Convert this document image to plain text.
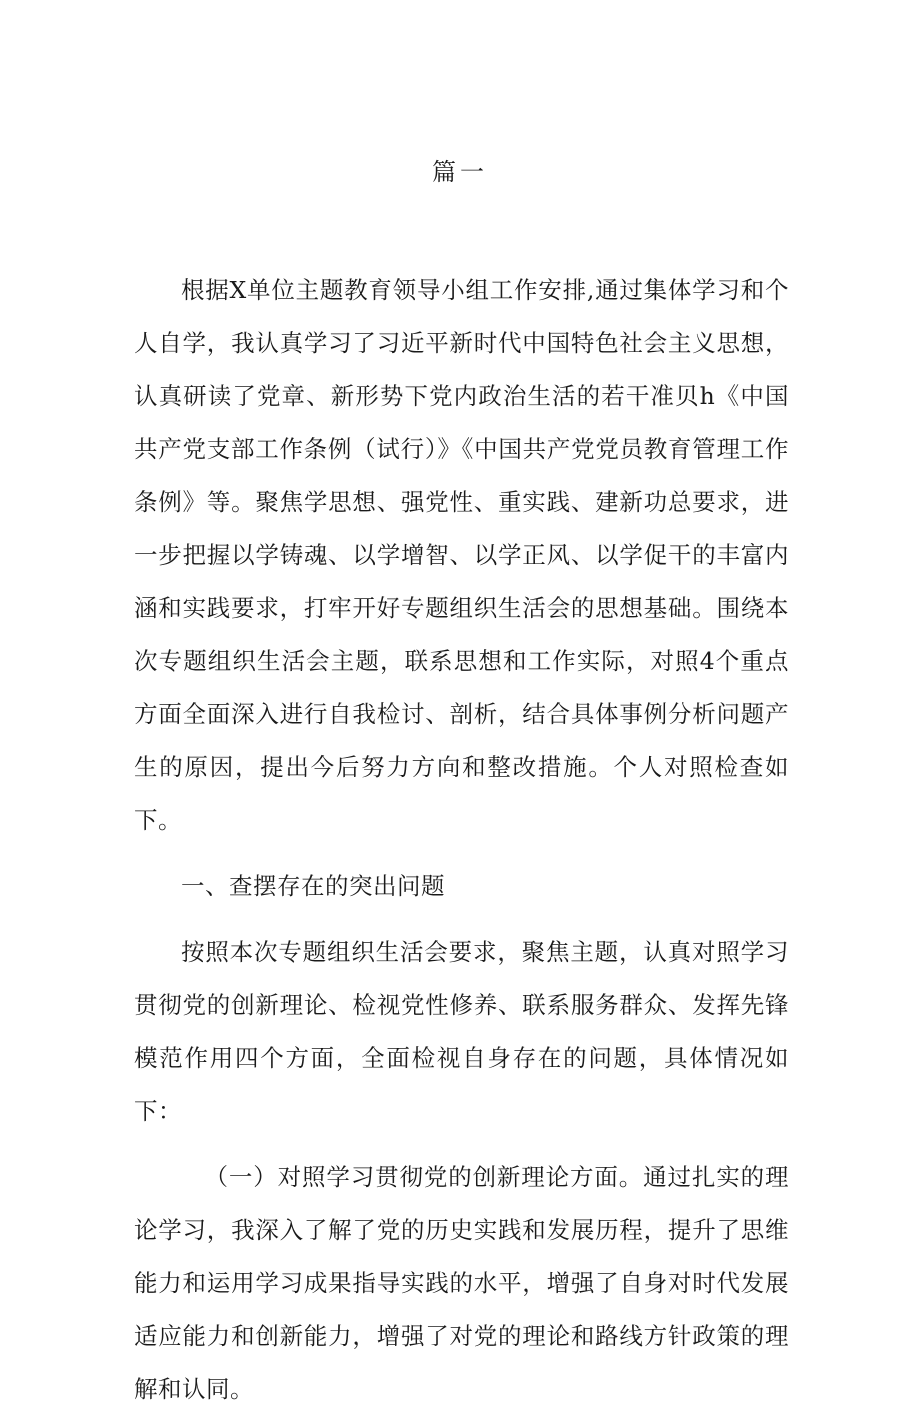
篇一

根据X单位主题教育领导小组工作安排,通过集体学习和个人自学，我认真学习了习近平新时代中国特色社会主义思想，认真研读了党章、新形势下党内政治生活的若干准贝h《中国共产党支部工作条例（试行）》《中国共产党党员教育管理工作条例》等。聚焦学思想、强党性、重实践、建新功总要求，进一步把握以学铸魂、以学增智、以学正风、以学促干的丰富内涵和实践要求，打牢开好专题组织生活会的思想基础。围绕本次专题组织生活会主题，联系思想和工作实际，对照4个重点方面全面深入进行自我检讨、剖析，结合具体事例分析问题产生的原因，提出今后努力方向和整改措施。个人对照检查如下。

一、查摆存在的突出问题

按照本次专题组织生活会要求，聚焦主题，认真对照学习贯彻党的创新理论、检视党性修养、联系服务群众、发挥先锋模范作用四个方面，全面检视自身存在的问题，具体情况如下：

（一）对照学习贯彻党的创新理论方面。通过扎实的理论学习，我深入了解了党的历史实践和发展历程，提升了思维能力和运用学习成果指导实践的水平，增强了自身对时代发展适应能力和创新能力，增强了对党的理论和路线方针政策的理解和认同。
